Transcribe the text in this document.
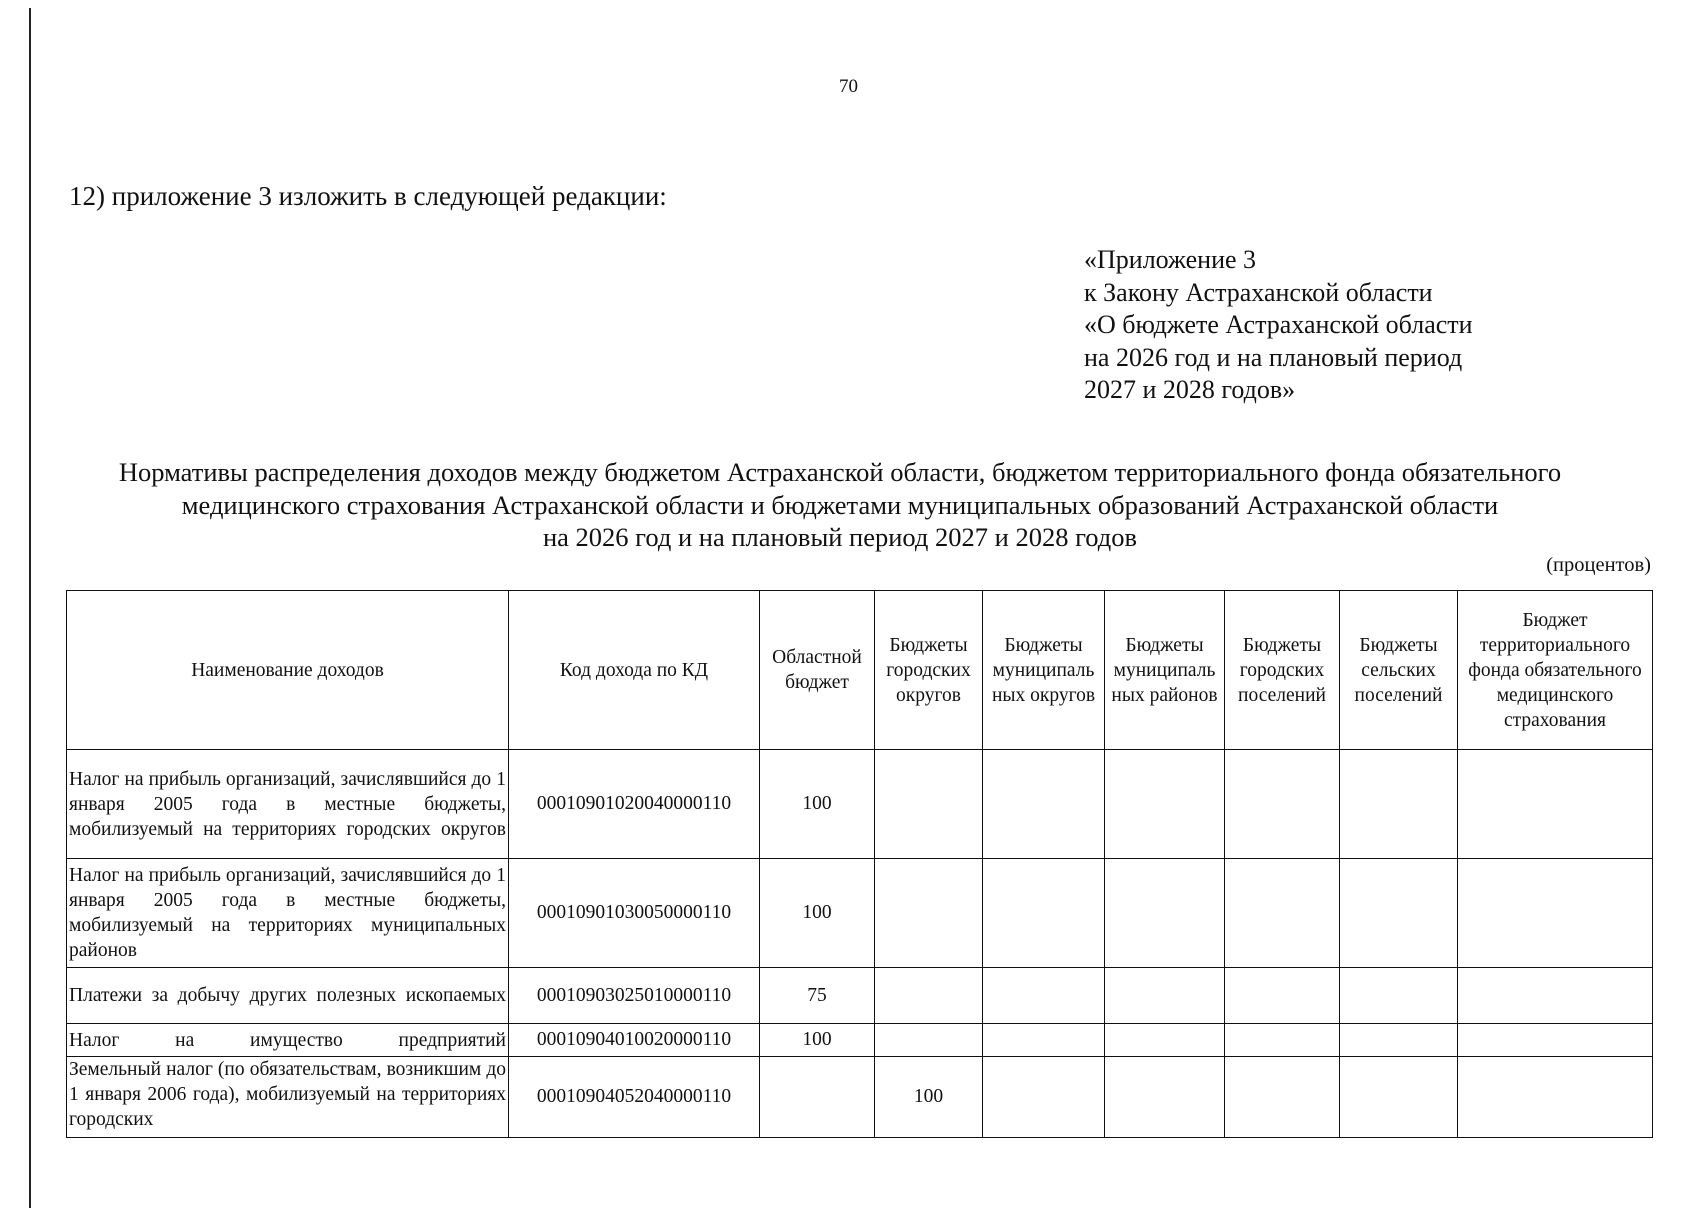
70
12) приложение 3 изложить в следующей редакции:
«Приложение 3
к Закону Астраханской области
«О бюджете Астраханской области
на 2026 год и на плановый период
2027 и 2028 годов»
Нормативы распределения доходов между бюджетом Астраханской области, бюджетом территориального фонда обязательного
медицинского страхования Астраханской области и бюджетами муниципальных образований Астраханской области
на 2026 год и на плановый период 2027 и 2028 годов
(процентов)
Наименование доходов	Код дохода по КД	Областной бюджет	Бюджеты городских округов	Бюджеты муниципаль ных округов	Бюджеты муниципаль ных районов	Бюджеты городских поселений	Бюджеты сельских поселений	Бюджет территориального фонда обязательного медицинского страхования
Налог на прибыль организаций, зачислявшийся до 1 января 2005 года в местные бюджеты, мобилизуемый на территориях городских округов	00010901020040000110	100						
Налог на прибыль организаций, зачислявшийся до 1 января 2005 года в местные бюджеты, мобилизуемый на территориях муниципальных районов	00010901030050000110	100						
Платежи за добычу других полезных ископаемых	00010903025010000110	75						
Налог на имущество предприятий	00010904010020000110	100						
Земельный налог (по обязательствам, возникшим до 1 января 2006 года), мобилизуемый на территориях городских	00010904052040000110		100					
